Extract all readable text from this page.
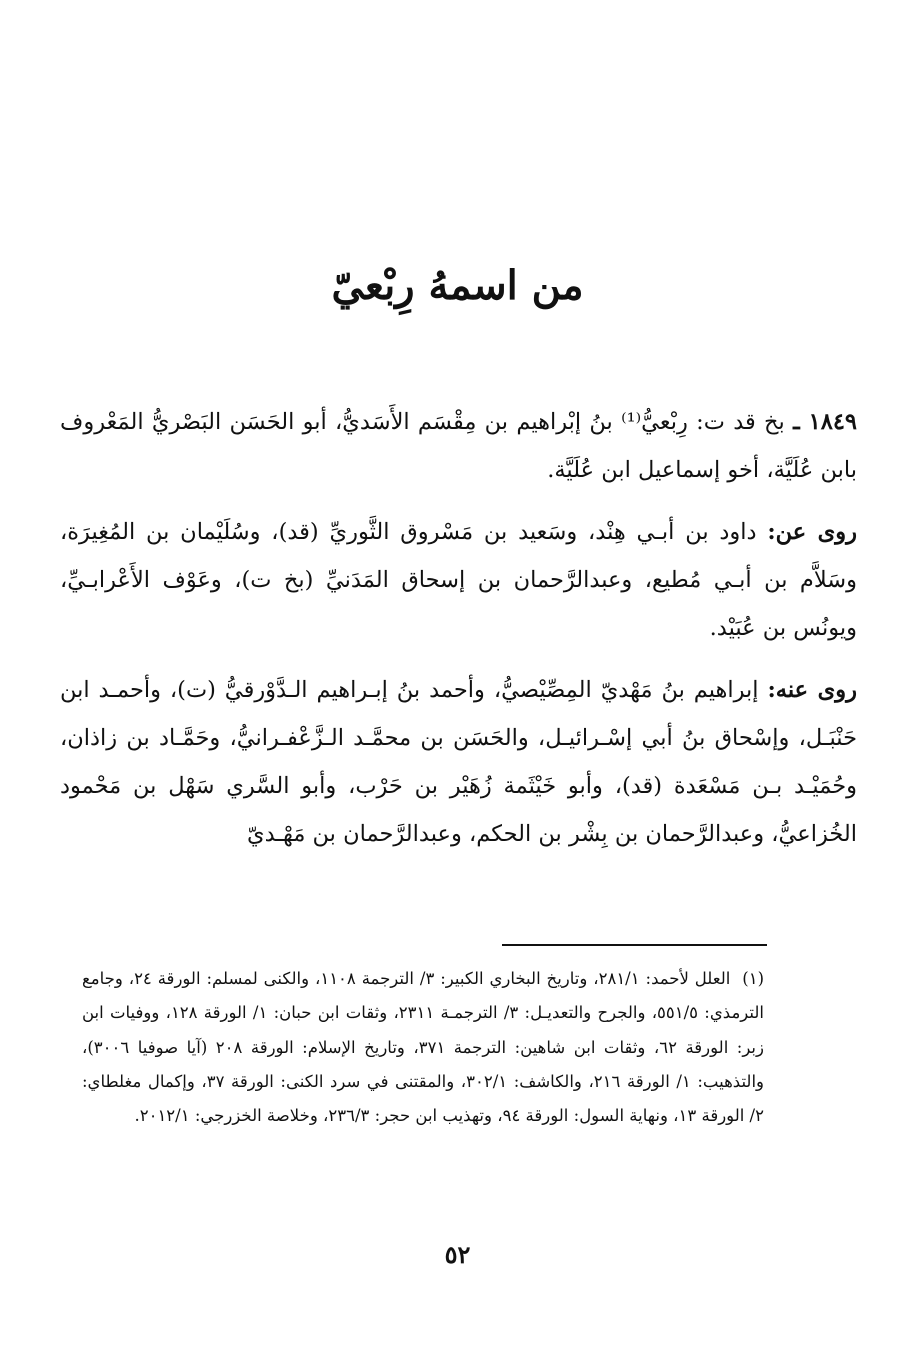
من اسمهُ رِبْعيّ

١٨٤٩ ـ بخ قد ت: رِبْعيُّ⁽¹⁾ بنُ إبْراهيم بن مِقْسَم الأَسَديُّ، أبو الحَسَن البَصْريُّ المَعْروف بابن عُلَيَّة، أخو إسماعيل ابن عُلَيَّة.

روى عن: داود بن أبـي هِنْد، وسَعيد بن مَسْروق الثَّوريِّ (قد)، وسُلَيْمان بن المُغِيرَة، وسَلاَّم بن أبـي مُطيع، وعبدالرَّحمان بن إسحاق المَدَنيِّ (بخ ت)، وعَوْف الأَعْرابـيِّ، ويونُس بن عُبَيْد.

روى عنه: إبراهيم بنُ مَهْديّ المِصِّيْصيُّ، وأحمد بنُ إبـراهيم الـدَّوْرقيُّ (ت)، وأحمـد ابن حَنْبَـل، وإسْحاق بنُ أبي إسْـرائيـل، والحَسَن بن محمَّـد الـزَّعْفـرانيُّ، وحَمَّـاد بن زاذان، وحُمَيْـد بـن مَسْعَدة (قد)، وأبو خَيْثَمة زُهَيْر بن حَرْب، وأبو السَّري سَهْل بن مَحْمود الخُزاعيُّ، وعبدالرَّحمان بن بِشْر بن الحكم، وعبدالرَّحمان بن مَهْـديّ

(١) العلل لأحمد: ٢٨١/١، وتاريخ البخاري الكبير: ٣/ الترجمة ١١٠٨، والكنى لمسلم: الورقة ٢٤، وجامع الترمذي: ٥٥١/٥، والجرح والتعديـل: ٣/ الترجمـة ٢٣١١، وثقات ابن حبان: ١/ الورقة ١٢٨، ووفيات ابن زبر: الورقة ٦٢، وثقات ابن شاهين: الترجمة ٣٧١، وتاريخ الإسلام: الورقة ٢٠٨ (آيا صوفيا ٣٠٠٦)، والتذهيب: ١/ الورقة ٢١٦، والكاشف: ٣٠٢/١، والمقتنى في سرد الكنى: الورقة ٣٧، وإكمال مغلطاي: ٢/ الورقة ١٣، ونهاية السول: الورقة ٩٤، وتهذيب ابن حجر: ٢٣٦/٣، وخلاصة الخزرجي: ٢٠١٢/١.
٥٢
